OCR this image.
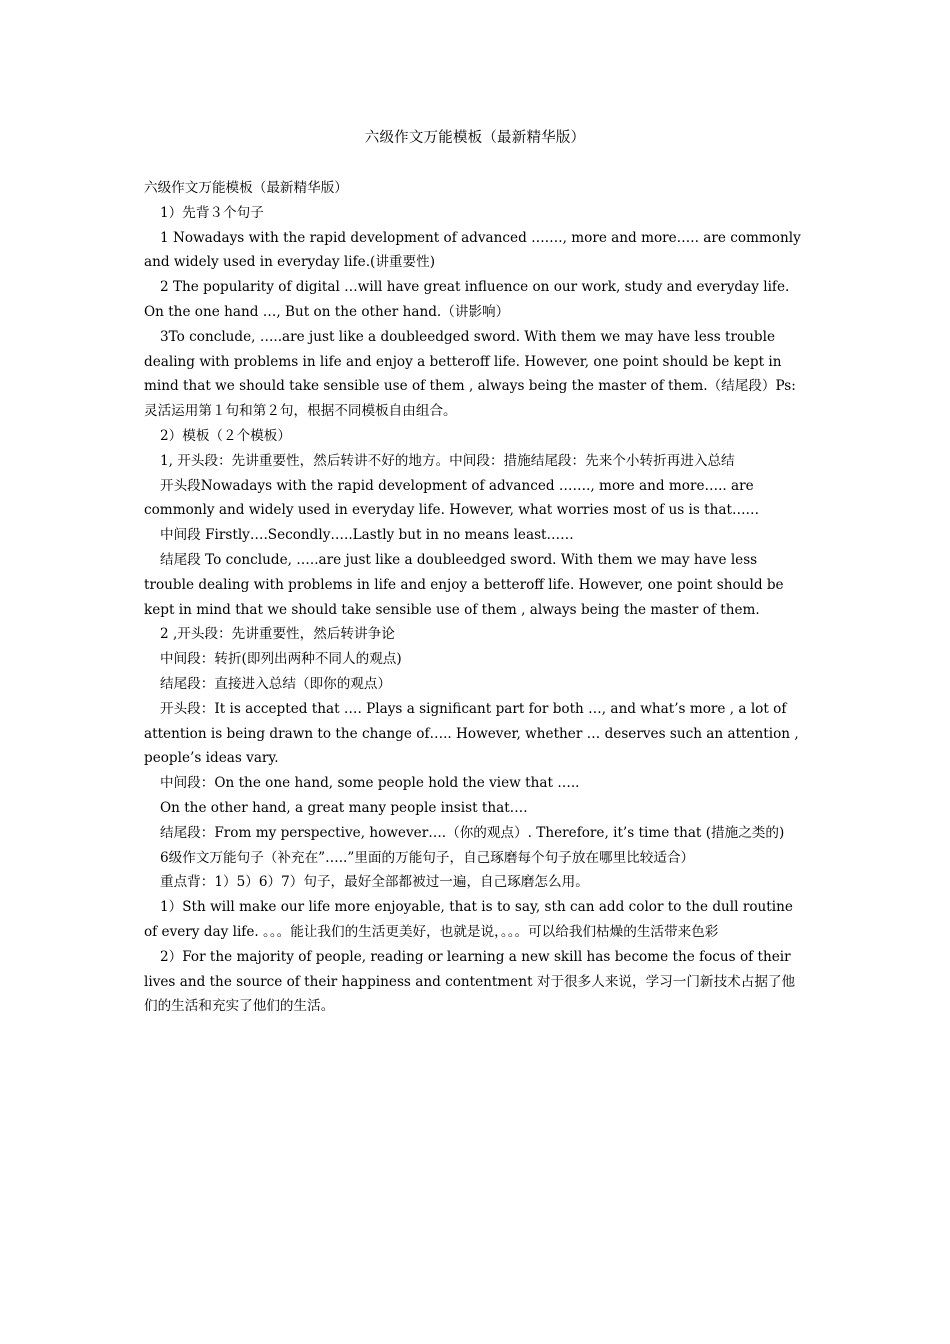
六级作文万能模板（最新精华版）

六级作文万能模板（最新精华版）

1）先背３个句子

1 Nowadays with the rapid development of advanced ……., more and more….. are commonly and widely used in everyday life.(讲重要性)

2 The popularity of digital …will have great influence on our work, study and everyday life. On the one hand …, But on the other hand.（讲影响）

3To conclude, …..are just like a doubleedged sword. With them we may have less trouble dealing with problems in life and enjoy a betteroff life. However, one point should be kept in mind that we should take sensible use of them , always being the master of them.（结尾段）Ps:灵活运用第１句和第２句，根据不同模板自由组合。

2）模板（２个模板）

1, 开头段：先讲重要性，然后转讲不好的地方。中间段：措施结尾段：先来个小转折再进入总结

开头段Nowadays with the rapid development of advanced ……., more and more….. are commonly and widely used in everyday life. However, what worries most of us is that……

中间段 Firstly….Secondly…..Lastly but in no means least……

结尾段 To conclude, …..are just like a doubleedged sword. With them we may have less trouble dealing with problems in life and enjoy a betteroff life. However, one point should be kept in mind that we should take sensible use of them , always being the master of them.

2 ,开头段：先讲重要性，然后转讲争论

中间段：转折(即列出两种不同人的观点)

结尾段：直接进入总结（即你的观点）

开头段：It is accepted that …. Plays a significant part for both …, and what’s more , a lot of attention is being drawn to the change of….. However, whether … deserves such an attention , people’s ideas vary.

中间段：On the one hand, some people hold the view that …..

On the other hand, a great many people insist that….

结尾段：From my perspective, however….（你的观点）. Therefore, it’s time that (措施之类的)

6级作文万能句子（补充在”…..”里面的万能句子，自己琢磨每个句子放在哪里比较适合）

重点背：1）5）6）7）句子，最好全部都被过一遍，自己琢磨怎么用。

1）Sth will make our life more enjoyable, that is to say, sth can add color to the dull routine of every day life. 。。。能让我们的生活更美好，也就是说，。。。可以给我们枯燥的生活带来色彩

2）For the majority of people, reading or learning a new skill has become the focus of their lives and the source of their happiness and contentment 对于很多人来说，学习一门新技术占据了他们的生活和充实了他们的生活。
